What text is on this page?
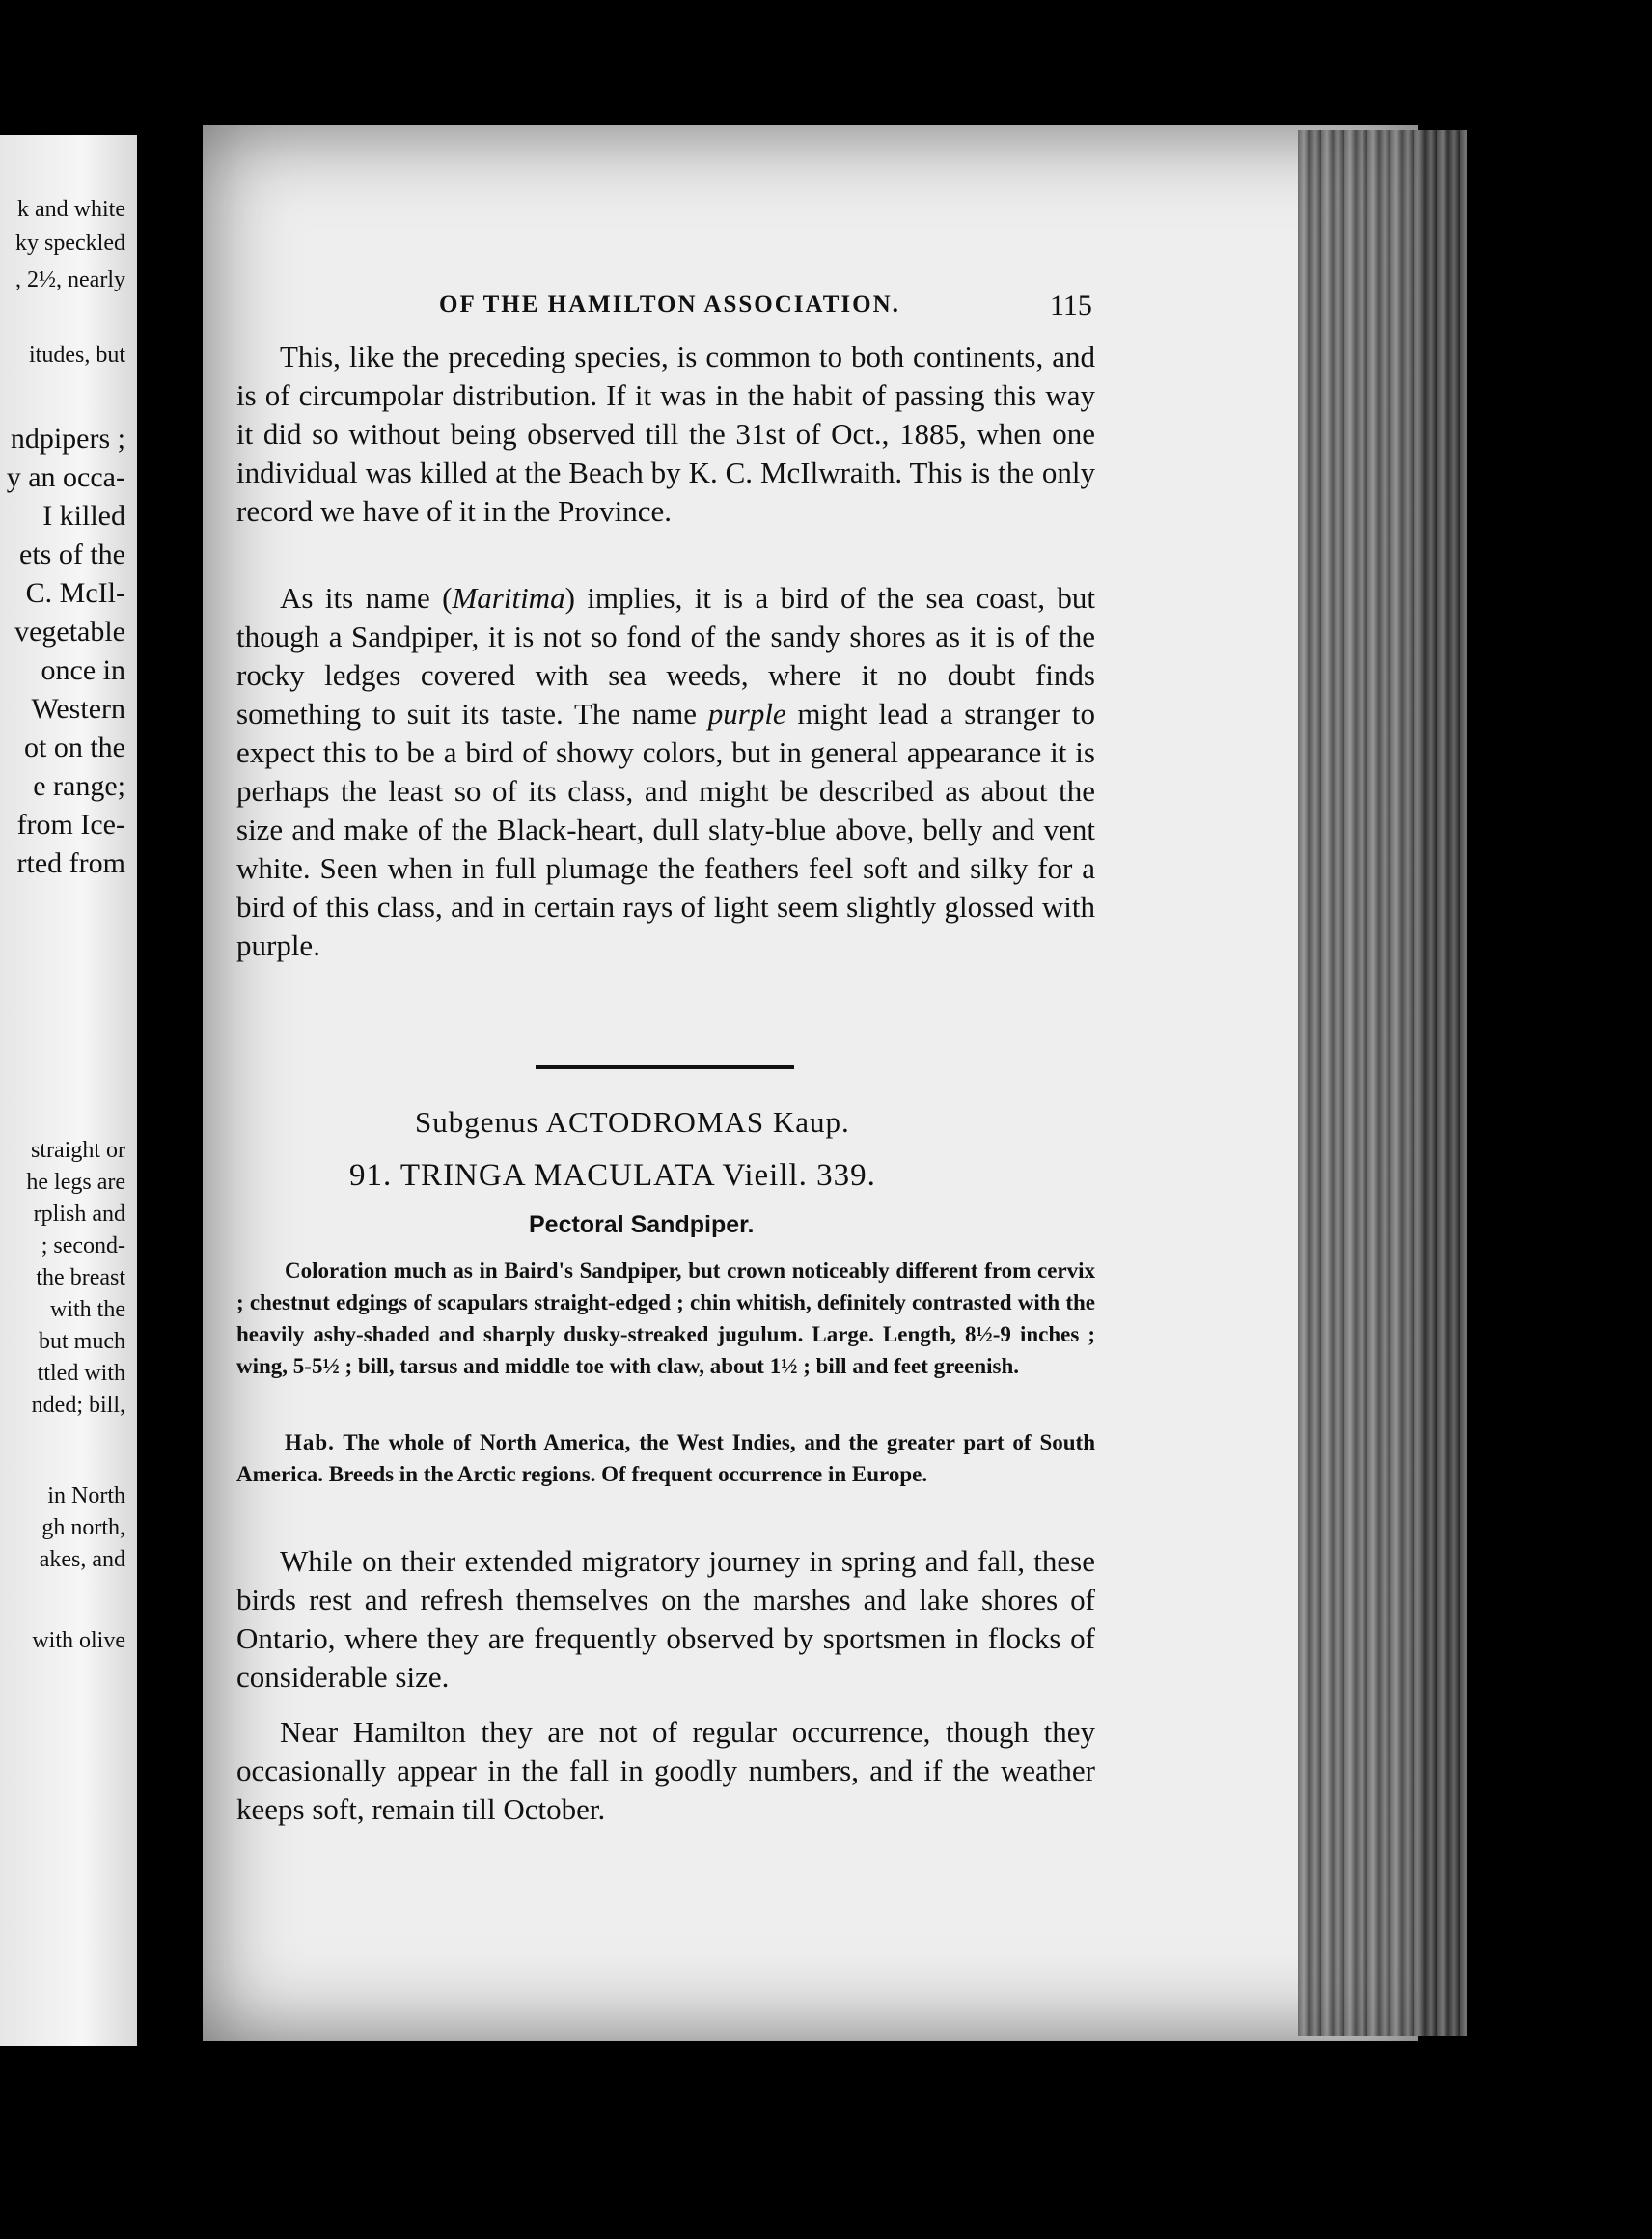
k and white
ky speckled
, 2½, nearly
itudes, but
ndpipers ;
y an occa-
I killed
ets of the
C. McIl-
vegetable
once in
Western
ot on the
e range;
from Ice-
rted from
straight or
he legs are
rplish and
; second-
the breast
with the
but much
ttled with
nded; bill,
in North
gh north,
akes, and
with olive
OF THE HAMILTON ASSOCIATION.	115

This, like the preceding species, is common to both continents, and is of circumpolar distribution. If it was in the habit of passing this way it did so without being observed till the 31st of Oct., 1885, when one individual was killed at the Beach by K. C. McIlwraith. This is the only record we have of it in the Province.

As its name (Maritima) implies, it is a bird of the sea coast, but though a Sandpiper, it is not so fond of the sandy shores as it is of the rocky ledges covered with sea weeds, where it no doubt finds something to suit its taste. The name purple might lead a stranger to expect this to be a bird of showy colors, but in general appearance it is perhaps the least so of its class, and might be described as about the size and make of the Black-heart, dull slaty-blue above, belly and vent white. Seen when in full plumage the feathers feel soft and silky for a bird of this class, and in certain rays of light seem slightly glossed with purple.

Subgenus ACTODROMAS Kaup.
91. TRINGA MACULATA Vieill. 339.
Pectoral Sandpiper.

Coloration much as in Baird's Sandpiper, but crown noticeably different from cervix ; chestnut edgings of scapulars straight-edged ; chin whitish, definitely contrasted with the heavily ashy-shaded and sharply dusky-streaked jugulum. Large. Length, 8½-9 inches ; wing, 5-5½ ; bill, tarsus and middle toe with claw, about 1½ ; bill and feet greenish.

Hab. The whole of North America, the West Indies, and the greater part of South America. Breeds in the Arctic regions. Of frequent occurrence in Europe.

While on their extended migratory journey in spring and fall, these birds rest and refresh themselves on the marshes and lake shores of Ontario, where they are frequently observed by sportsmen in flocks of considerable size.

Near Hamilton they are not of regular occurrence, though they occasionally appear in the fall in goodly numbers, and if the weather keeps soft, remain till October.
